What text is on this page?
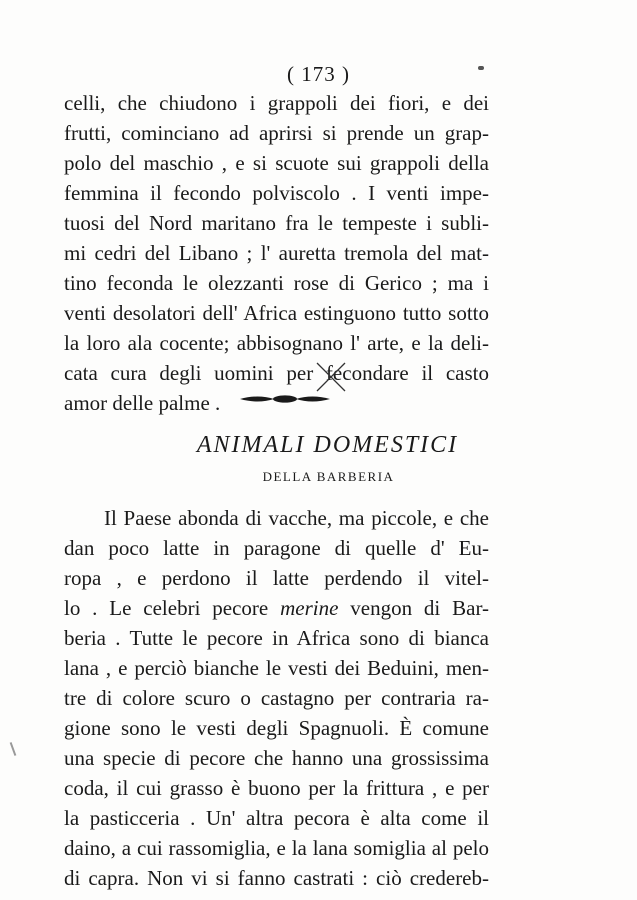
( 173 )
celli, che chiudono i grappoli dei fiori, e dei
frutti, cominciano ad aprirsi si prende un grap-
polo del maschio , e si scuote sui grappoli della
femmina il fecondo polviscolo . I venti impe-
tuosi del Nord maritano fra le tempeste i subli-
mi cedri del Libano ; l' auretta tremola del mat-
tino feconda le olezzanti rose di Gerico ; ma i
venti desolatori dell' Africa estinguono tutto sotto
la loro ala cocente; abbisognano l' arte, e la deli-
cata cura degli uomini per fecondare il casto
amor delle palme .
ANIMALI DOMESTICI
DELLA BARBERIA
Il Paese abonda di vacche, ma piccole, e che
dan poco latte in paragone di quelle d' Eu-
ropa , e perdono il latte perdendo il vitel-
lo . Le celebri pecore merine vengon di Bar-
beria . Tutte le pecore in Africa sono di bianca
lana , e perciò bianche le vesti dei Beduini, men-
tre di colore scuro o castagno per contraria ra-
gione sono le vesti degli Spagnuoli. È comune
una specie di pecore che hanno una grossissima
coda, il cui grasso è buono per la frittura , e per
la pasticceria . Un' altra pecora è alta come il
daino, a cui rassomiglia, e la lana somiglia al pelo
di capra. Non vi si fanno castrati : ciò credereb-
